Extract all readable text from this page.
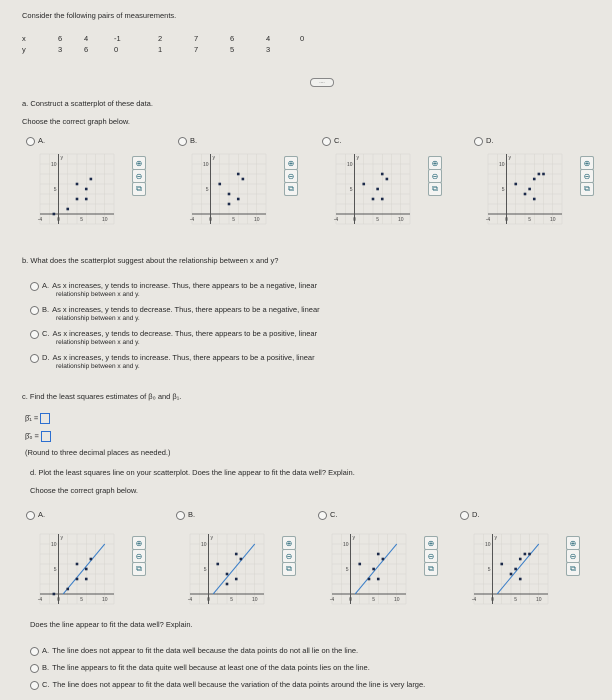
Consider the following pairs of measurements.
x
y
6	4	-1	2	7	6	4	0
3	6	0	1	7	5	3
....
a. Construct a scatterplot of these data.
Choose the correct graph below.
A.
-4	0	5	10
10
5
y
⊕
⊖
⧉
B.
-4	0	5	10
10
5
y
⊕
⊖
⧉
C.
-4	0	5	10
10
5
y
⊕
⊖
⧉
D.
-4	0	5	10
10
5
y
⊕
⊖
⧉
b. What does the scatterplot suggest about the relationship between x and y?
A. As x increases, y tends to increase. Thus, there appears to be a negative, linear
relationship between x and y.
B. As x increases, y tends to decrease. Thus, there appears to be a negative, linear
relationship between x and y.
C. As x increases, y tends to decrease. Thus, there appears to be a positive, linear
relationship between x and y.
D. As x increases, y tends to increase. Thus, there appears to be a positive, linear
relationship between x and y.
c. Find the least squares estimates of β₀ and β₁.
β̂₁ =
β̂₀ =
(Round to three decimal places as needed.)
d. Plot the least squares line on your scatterplot. Does the line appear to fit the data well? Explain.
Choose the correct graph below.
A.
-4	0	5	10
10
5
y
⊕
⊖
⧉
B.
-4	0	5	10
10
5
y
⊕
⊖
⧉
C.
-4	0	5	10
10
5
y
⊕
⊖
⧉
D.
-4	0	5	10
10
5
y
⊕
⊖
⧉
Does the line appear to fit the data well? Explain.
A. The line does not appear to fit the data well because the data points do not all lie on the line.
B. The line appears to fit the data quite well because at least one of the data points lies on the line.
C. The line does not appear to fit the data well because the variation of the data points around the line is very large.
